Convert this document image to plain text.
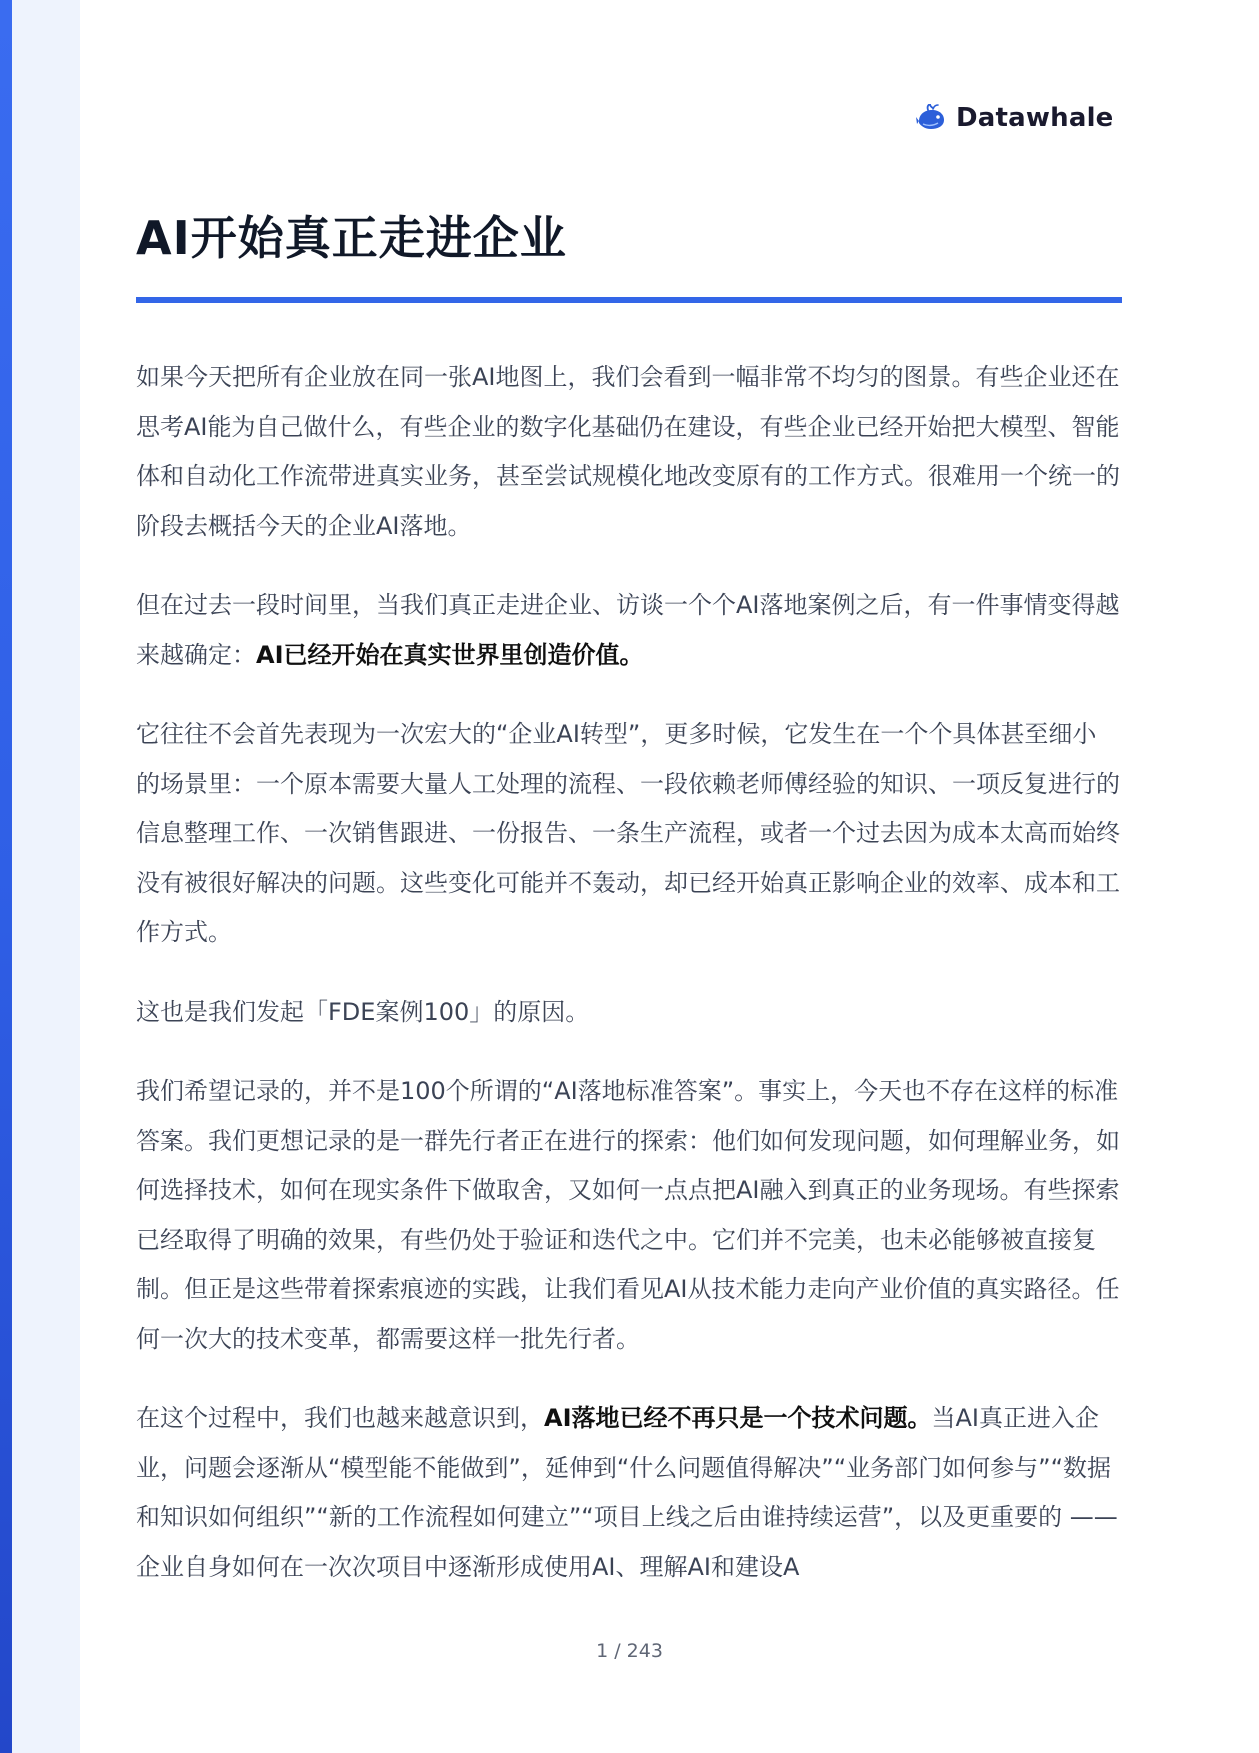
Datawhale
AI开始真正走进企业

如果今天把所有企业放在同一张AI地图上，我们会看到一幅非常不均匀的图景。有些企业还在思考AI能为自己做什么，有些企业的数字化基础仍在建设，有些企业已经开始把大模型、智能体和自动化工作流带进真实业务，甚至尝试规模化地改变原有的工作方式。很难用一个统一的阶段去概括今天的企业AI落地。

但在过去一段时间里，当我们真正走进企业、访谈一个个AI落地案例之后，有一件事情变得越来越确定：AI已经开始在真实世界里创造价值。

它往往不会首先表现为一次宏大的“企业AI转型”，更多时候，它发生在一个个具体甚至细小的场景里：一个原本需要大量人工处理的流程、一段依赖老师傅经验的知识、一项反复进行的信息整理工作、一次销售跟进、一份报告、一条生产流程，或者一个过去因为成本太高而始终没有被很好解决的问题。这些变化可能并不轰动，却已经开始真正影响企业的效率、成本和工作方式。

这也是我们发起「FDE案例100」的原因。

我们希望记录的，并不是100个所谓的“AI落地标准答案”。事实上，今天也不存在这样的标准答案。我们更想记录的是一群先行者正在进行的探索：他们如何发现问题，如何理解业务，如何选择技术，如何在现实条件下做取舍，又如何一点点把AI融入到真正的业务现场。有些探索已经取得了明确的效果，有些仍处于验证和迭代之中。它们并不完美，也未必能够被直接复制。但正是这些带着探索痕迹的实践，让我们看见AI从技术能力走向产业价值的真实路径。任何一次大的技术变革，都需要这样一批先行者。

在这个过程中，我们也越来越意识到，AI落地已经不再只是一个技术问题。当AI真正进入企业，问题会逐渐从“模型能不能做到”，延伸到“什么问题值得解决”“业务部门如何参与”“数据和知识如何组织”“新的工作流程如何建立”“项目上线之后由谁持续运营”，以及更重要的 —— 企业自身如何在一次次项目中逐渐形成使用AI、理解AI和建设A

1 / 243
